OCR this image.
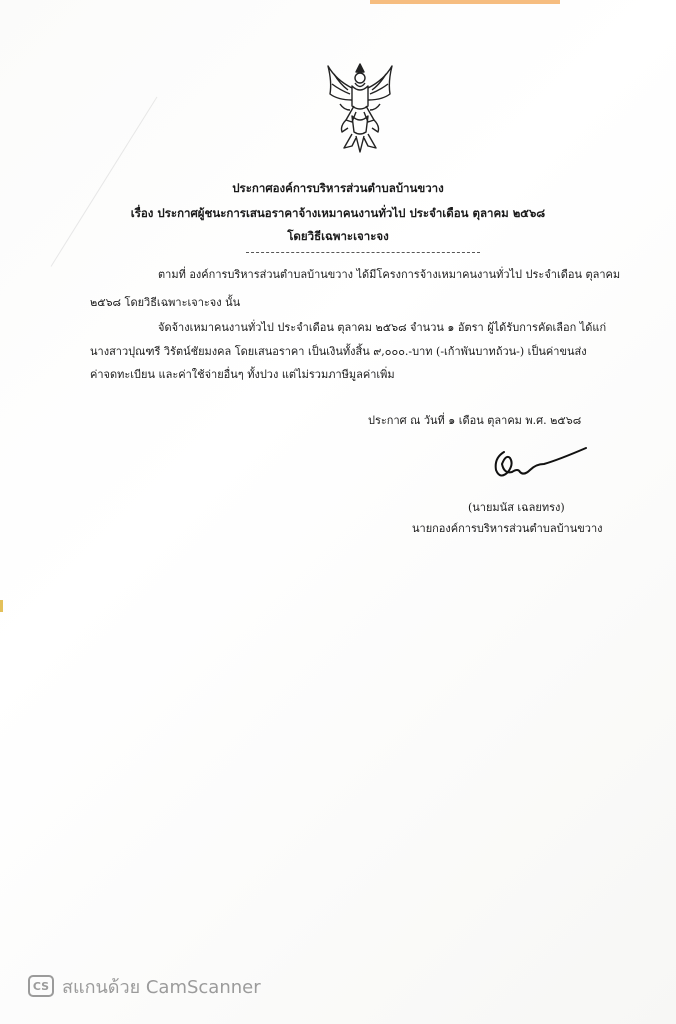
ประกาศองค์การบริหารส่วนตำบลบ้านขวาง
เรื่อง ประกาศผู้ชนะการเสนอราคาจ้างเหมาคนงานทั่วไป ประจำเดือน ตุลาคม ๒๕๖๘
โดยวิธีเฉพาะเจาะจง
ตามที่ องค์การบริหารส่วนตำบลบ้านขวาง ได้มีโครงการจ้างเหมาคนงานทั่วไป ประจำเดือน ตุลาคม
๒๕๖๘ โดยวิธีเฉพาะเจาะจง นั้น
จัดจ้างเหมาคนงานทั่วไป ประจำเดือน ตุลาคม ๒๕๖๘ จำนวน ๑ อัตรา ผู้ได้รับการคัดเลือก ได้แก่
นางสาวปุณฑรี วิรัตน์ชัยมงคล โดยเสนอราคา เป็นเงินทั้งสิ้น ๙,๐๐๐.-บาท (-เก้าพันบาทถ้วน-) เป็นค่าขนส่ง
ค่าจดทะเบียน และค่าใช้จ่ายอื่นๆ ทั้งปวง แต่ไม่รวมภาษีมูลค่าเพิ่ม
ประกาศ ณ วันที่ ๑ เดือน ตุลาคม พ.ศ. ๒๕๖๘
(นายมนัส เฉลยทรง)
นายกองค์การบริหารส่วนตำบลบ้านขวาง
CS สแกนด้วย CamScanner
